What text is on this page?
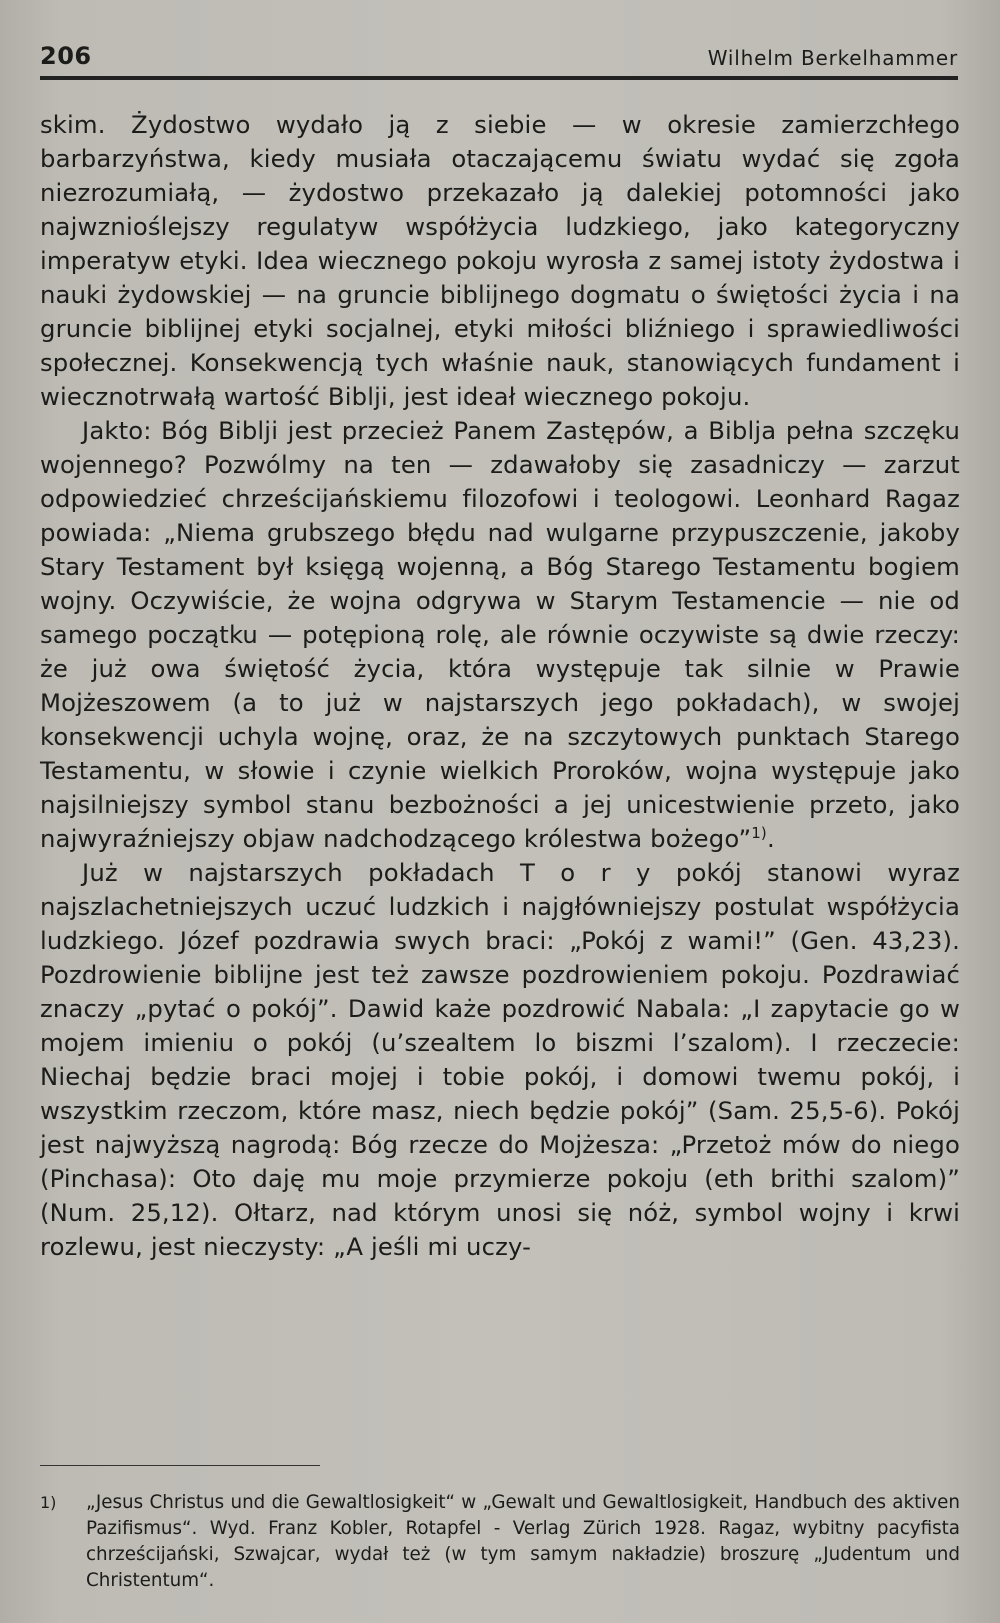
206	Wilhelm Berkelhammer

skim. Żydostwo wydało ją z siebie — w okresie zamierzchłego barbarzyństwa, kiedy musiała otaczającemu światu wydać się zgoła niezrozumiałą, — żydostwo przekazało ją dalekiej potomności jako najwznioślejszy regulatyw współżycia ludzkiego, jako kategoryczny imperatyw etyki. Idea wiecznego pokoju wyrosła z samej istoty żydostwa i nauki żydowskiej — na gruncie biblijnego dogmatu o świętości życia i na gruncie biblijnej etyki socjalnej, etyki miłości bliźniego i sprawiedliwości społecznej. Konsekwencją tych właśnie nauk, stanowiących fundament i wiecznotrwałą wartość Biblji, jest ideał wiecznego pokoju.

Jakto: Bóg Biblji jest przecież Panem Zastępów, a Biblja pełna szczęku wojennego? Pozwólmy na ten — zdawałoby się zasadniczy — zarzut odpowiedzieć chrześcijańskiemu filozofowi i teologowi. Leonhard Ragaz powiada: „Niema grubszego błędu nad wulgarne przypuszczenie, jakoby Stary Testament był księgą wojenną, a Bóg Starego Testamentu bogiem wojny. Oczywiście, że wojna odgrywa w Starym Testamencie — nie od samego początku — potępioną rolę, ale równie oczywiste są dwie rzeczy: że już owa świętość życia, która występuje tak silnie w Prawie Mojżeszowem (a to już w najstarszych jego pokładach), w swojej konsekwencji uchyla wojnę, oraz, że na szczytowych punktach Starego Testamentu, w słowie i czynie wielkich Proroków, wojna występuje jako najsilniejszy symbol stanu bezbożności a jej unicestwienie przeto, jako najwyraźniejszy objaw nadchodzącego królestwa bożego”$^{1)}$.

Już w najstarszych pokładach T o r y pokój stanowi wyraz najszlachetniejszych uczuć ludzkich i najgłówniejszy postulat współżycia ludzkiego. Józef pozdrawia swych braci: „Pokój z wami!” (Gen. 43,23). Pozdrowienie biblijne jest też zawsze pozdrowieniem pokoju. Pozdrawiać znaczy „pytać o pokój”. Dawid każe pozdrowić Nabala: „I zapytacie go w mojem imieniu o pokój (u’szealtem lo biszmi l’szalom). I rzeczecie: Niechaj będzie braci mojej i tobie pokój, i domowi twemu pokój, i wszystkim rzeczom, które masz, niech będzie pokój” (Sam. 25,5-6). Pokój jest najwyższą nagrodą: Bóg rzecze do Mojżesza: „Przetoż mów do niego (Pinchasa): Oto daję mu moje przymierze pokoju (eth brithi szalom)” (Num. 25,12). Ołtarz, nad którym unosi się nóż, symbol wojny i krwi rozlewu, jest nieczysty: „A jeśli mi uczy-

1)	„Jesus Christus und die Gewaltlosigkeit“ w „Gewalt und Gewaltlosigkeit, Handbuch des aktiven Pazifismus“. Wyd. Franz Kobler, Rotapfel - Verlag Zürich 1928. Ragaz, wybitny pacyfista chrześcijański, Szwajcar, wydał też (w tym samym nakładzie) broszurę „Judentum und Christentum“.
